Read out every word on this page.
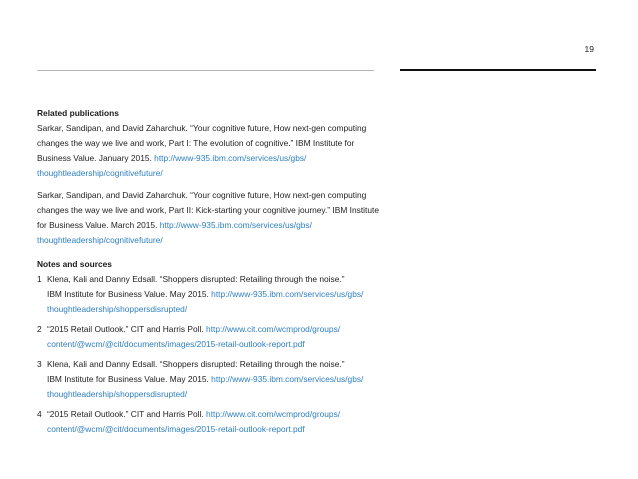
19

Related publications

Sarkar, Sandipan, and David Zaharchuk. “Your cognitive future, How next-gen computing
changes the way we live and work, Part I: The evolution of cognitive.” IBM Institute for
Business Value. January 2015. http://www-935.ibm.com/services/us/gbs/
thoughtleadership/cognitivefuture/
Sarkar, Sandipan, and David Zaharchuk. “Your cognitive future, How next-gen computing
changes the way we live and work, Part II: Kick-starting your cognitive journey.” IBM Institute
for Business Value. March 2015. http://www-935.ibm.com/services/us/gbs/
thoughtleadership/cognitivefuture/

Notes and sources

1 Klena, Kali and Danny Edsall. “Shoppers disrupted: Retailing through the noise.”
IBM Institute for Business Value. May 2015. http://www-935.ibm.com/services/us/gbs/
thoughtleadership/shoppersdisrupted/
2 “2015 Retail Outlook.” CIT and Harris Poll. http://www.cit.com/wcmprod/groups/
content/@wcm/@cit/documents/images/2015-retail-outlook-report.pdf
3 Klena, Kali and Danny Edsall. “Shoppers disrupted: Retailing through the noise.”
IBM Institute for Business Value. May 2015. http://www-935.ibm.com/services/us/gbs/
thoughtleadership/shoppersdisrupted/
4 “2015 Retail Outlook.” CIT and Harris Poll. http://www.cit.com/wcmprod/groups/
content/@wcm/@cit/documents/images/2015-retail-outlook-report.pdf
